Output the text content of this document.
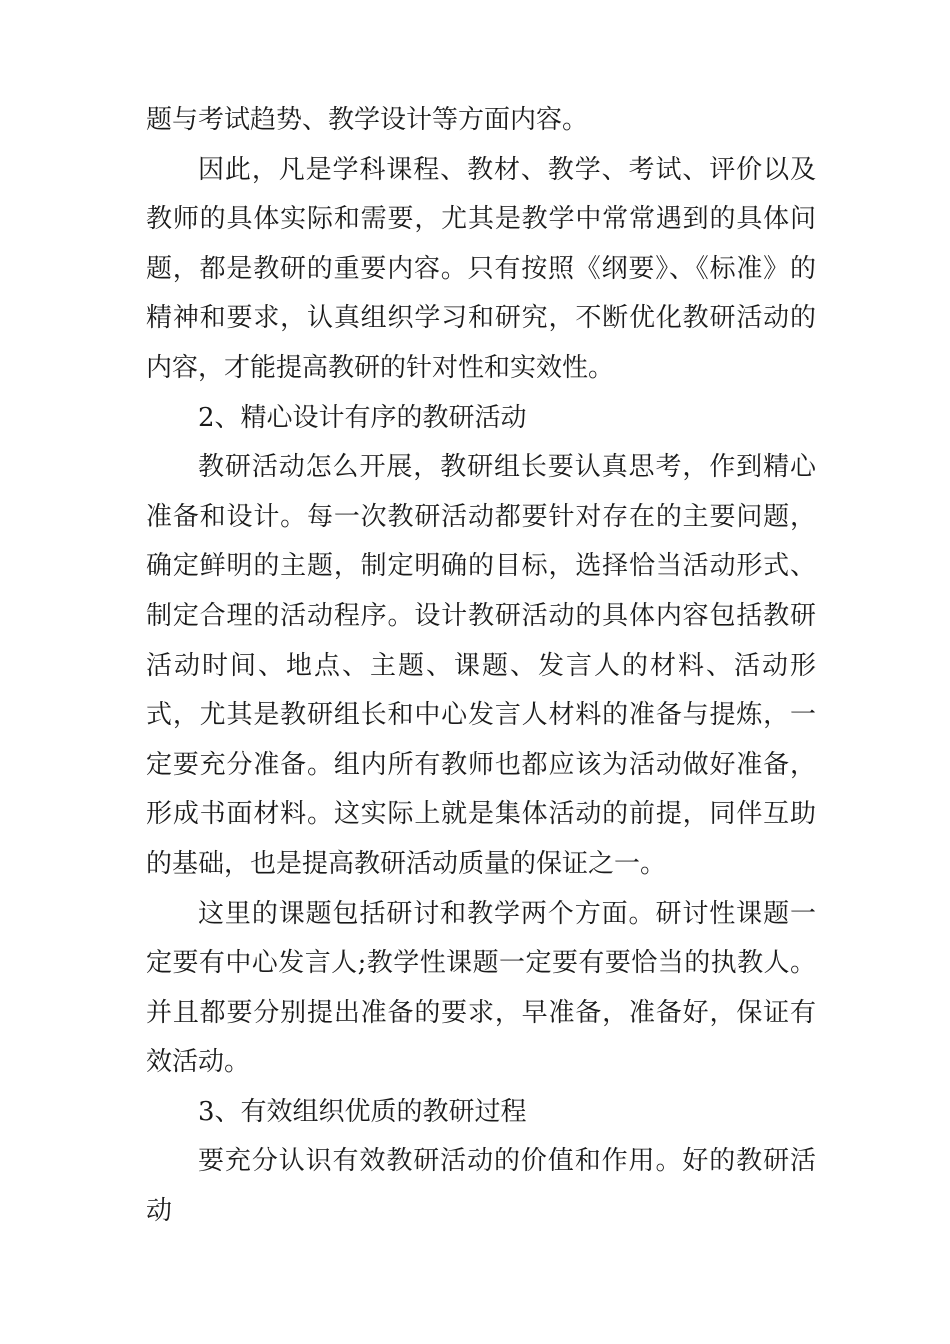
题与考试趋势、教学设计等方面内容。

因此，凡是学科课程、教材、教学、考试、评价以及教师的具体实际和需要，尤其是教学中常常遇到的具体问题，都是教研的重要内容。只有按照《纲要》、《标准》的精神和要求，认真组织学习和研究，不断优化教研活动的内容，才能提高教研的针对性和实效性。

2、精心设计有序的教研活动

教研活动怎么开展，教研组长要认真思考，作到精心准备和设计。每一次教研活动都要针对存在的主要问题，确定鲜明的主题，制定明确的目标，选择恰当活动形式、制定合理的活动程序。设计教研活动的具体内容包括教研活动时间、地点、主题、课题、发言人的材料、活动形式，尤其是教研组长和中心发言人材料的准备与提炼，一定要充分准备。组内所有教师也都应该为活动做好准备，形成书面材料。这实际上就是集体活动的前提，同伴互助的基础，也是提高教研活动质量的保证之一。

这里的课题包括研讨和教学两个方面。研讨性课题一定要有中心发言人;教学性课题一定要有要恰当的执教人。并且都要分别提出准备的要求，早准备，准备好，保证有效活动。

3、有效组织优质的教研过程

要充分认识有效教研活动的价值和作用。好的教研活动
